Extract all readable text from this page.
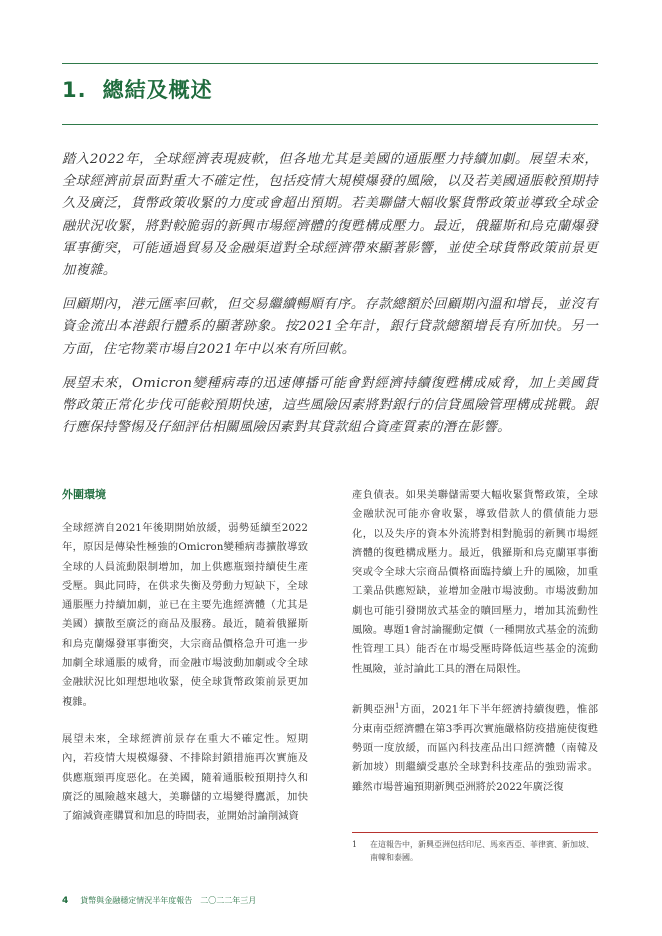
1. 總結及概述

踏入2022年，全球經濟表現疲軟，但各地尤其是美國的通脹壓力持續加劇。展望未來，全球經濟前景面對重大不確定性，包括疫情大規模爆發的風險，以及若美國通脹較預期持久及廣泛，貨幣政策收緊的力度或會超出預期。若美聯儲大幅收緊貨幣政策並導致全球金融狀況收緊，將對較脆弱的新興市場經濟體的復甦構成壓力。最近，俄羅斯和烏克蘭爆發軍事衝突，可能通過貿易及金融渠道對全球經濟帶來顯著影響，並使全球貨幣政策前景更加複雜。

回顧期內，港元匯率回軟，但交易繼續暢順有序。存款總額於回顧期內溫和增長，並沒有資金流出本港銀行體系的顯著跡象。按2021全年計，銀行貸款總額增長有所加快。另一方面，住宅物業市場自2021年中以來有所回軟。

展望未來，Omicron變種病毒的迅速傳播可能會對經濟持續復甦構成威脅，加上美國貨幣政策正常化步伐可能較預期快速，這些風險因素將對銀行的信貸風險管理構成挑戰。銀行應保持警惕及仔細評估相關風險因素對其貸款組合資產質素的潛在影響。

外圍環境

全球經濟自2021年後期開始放緩，弱勢延續至2022年，原因是傳染性極強的Omicron變種病毒擴散導致全球的人員流動限制增加，加上供應瓶頸持續使生產受壓。與此同時，在供求失衡及勞動力短缺下，全球通脹壓力持續加劇，並已在主要先進經濟體（尤其是美國）擴散至廣泛的商品及服務。最近，隨着俄羅斯和烏克蘭爆發軍事衝突，大宗商品價格急升可進一步加劇全球通脹的威脅，而金融市場波動加劇或令全球金融狀況比如理想地收緊，使全球貨幣政策前景更加複雜。

展望未來，全球經濟前景存在重大不確定性。短期內，若疫情大規模爆發、不排除封鎖措施再次實施及供應瓶頸再度惡化。在美國，隨着通脹較預期持久和廣泛的風險越來越大，美聯儲的立場變得鷹派，加快了縮減資產購買和加息的時間表，並開始討論削減資

產負債表。如果美聯儲需要大幅收緊貨幣政策，全球金融狀況可能亦會收緊，導致借款人的償債能力惡化，以及失序的資本外流將對相對脆弱的新興市場經濟體的復甦構成壓力。最近，俄羅斯和烏克蘭軍事衝突或令全球大宗商品價格面臨持續上升的風險，加重工業品供應短缺，並增加金融市場波動。市場波動加劇也可能引發開放式基金的贖回壓力，增加其流動性風險。專題1會討論擺動定價（一種開放式基金的流動性管理工具）能否在市場受壓時降低這些基金的流動性風險，並討論此工具的潛在局限性。

新興亞洲$^1$方面，2021年下半年經濟持續復甦，惟部分東南亞經濟體在第3季再次實施嚴格防疫措施使復甦勢頭一度放緩，而區內科技產品出口經濟體（南韓及新加坡）則繼續受惠於全球對科技產品的強勁需求。雖然市場普遍預期新興亞洲將於2022年廣泛復

1	在這報告中，新興亞洲包括印尼、馬來西亞、菲律賓、新加坡、南韓和泰國。
4 貨幣與金融穩定情況半年度報告　二〇二二年三月
